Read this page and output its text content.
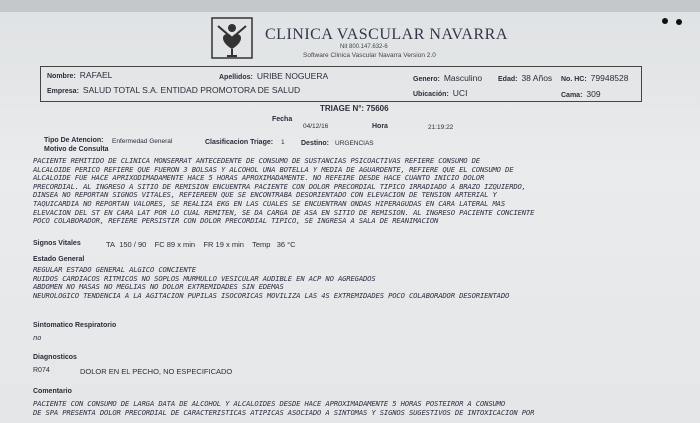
CLINICA VASCULAR NAVARRA
Nit 800.147.632-6
Software Clinica Vascular Navarra Version 2.0
Nombre: RAFAEL	Apellidos: URIBE NOGUERA	Genero: Masculino Edad: 38 Años No. HC: 79948528
Empresa: SALUD TOTAL S.A. ENTIDAD PROMOTORA DE SALUD	Ubicación: UCI	Cama: 309
TRIAGE N°: 75606
Fecha
04/12/16	Hora	21:19:22
Tipo De Atencion: Enfermedad General	Clasificacion Triage: 1 Destino: URGENCIAS
Motivo de Consulta
PACIENTE REMITIDO DE CLINICA MONSERRAT ANTECEDENTE DE CONSUMO DE SUSTANCIAS PSICOACTIVAS REFIERE CONSUMO DE
ALCALOIDE PERICO REFIERE QUE FUERON 3 BOLSAS Y ALCOHOL UNA BOTELLA Y MEDIA DE AGUARDENTE, REFIERE QUE EL CONSUMO DE
ALCALOIDE FUE HACE APRIXODIMADAMENTE HACE 5 HORAS APROXIMADAMENTE. NO REFEIRE DESDE HACE CUANTO INICIO DOLOR
PRECORDIAL. AL INGRESO A SITIO DE REMISION ENCUENTRA PACIENTE CON DOLOR PRECORDIAL TIPICO IRRADIADO A BRAZO IZQUIERDO,
DINSEA NO REPORTAN SIGNOS VITALES, REFIEREEN QUE SE ENCONTRABA DESORIENTADO CON ELEVACION DE TENSION ARTERIAL Y
TAQUICARDIA NO REPORTAN VALORES, SE REALIZA EKG EN LAS CUALES SE ENCUENTRAN ONDAS HIPERAGUDAS EN CARA LATERAL MAS
ELEVACION DEL ST EN CARA LAT POR LO CUAL REMITEN, SE DA CARGA DE ASA EN SITIO DE REMISION. AL INGRESO PACIENTE CONCIENTE
POCO COLABORADOR, REFIERE PERSISTIR CON DOLOR PRECORDIAL TIPICO, SE INGRESA A SALA DE REANIMACION
Signos Vitales	TA 150 / 90 FC 89 x min FR 19 x min Temp 36 °C
Estado General
REGULAR ESTADO GENERAL ALGICO CONCIENTE
RUIDOS CARDIACOS RITMICOS NO SOPLOS MURMULLO VESICULAR AUDIBLE EN ACP NO AGREGADOS
ABDOMEN NO MASAS NO MEGLIAS NO DOLOR EXTREMIDADES SIN EDEMAS
NEUROLOGICO TENDENCIA A LA AGITACION PUPILAS ISOCORICAS MOVILIZA LAS 4S EXTREMIDADES POCO COLABORADOR DESORIENTADO
Sintomatico Respiratorio
no
Diagnosticos
R074	DOLOR EN EL PECHO, NO ESPECIFICADO
Comentario
PACIENTE CON CONSUMO DE LARGA DATA DE ALCOHOL Y ALCALOIDES DESDE HACE APROXIMADAMENTE 5 HORAS POSTEIROR A CONSUMO
DE SPA PRESENTA DOLOR PRECORDIAL DE CARACTERISTICAS ATIPICAS ASOCIADO A SINTOMAS Y SIGNOS SUGESTIVOS DE INTOXICACION POR
